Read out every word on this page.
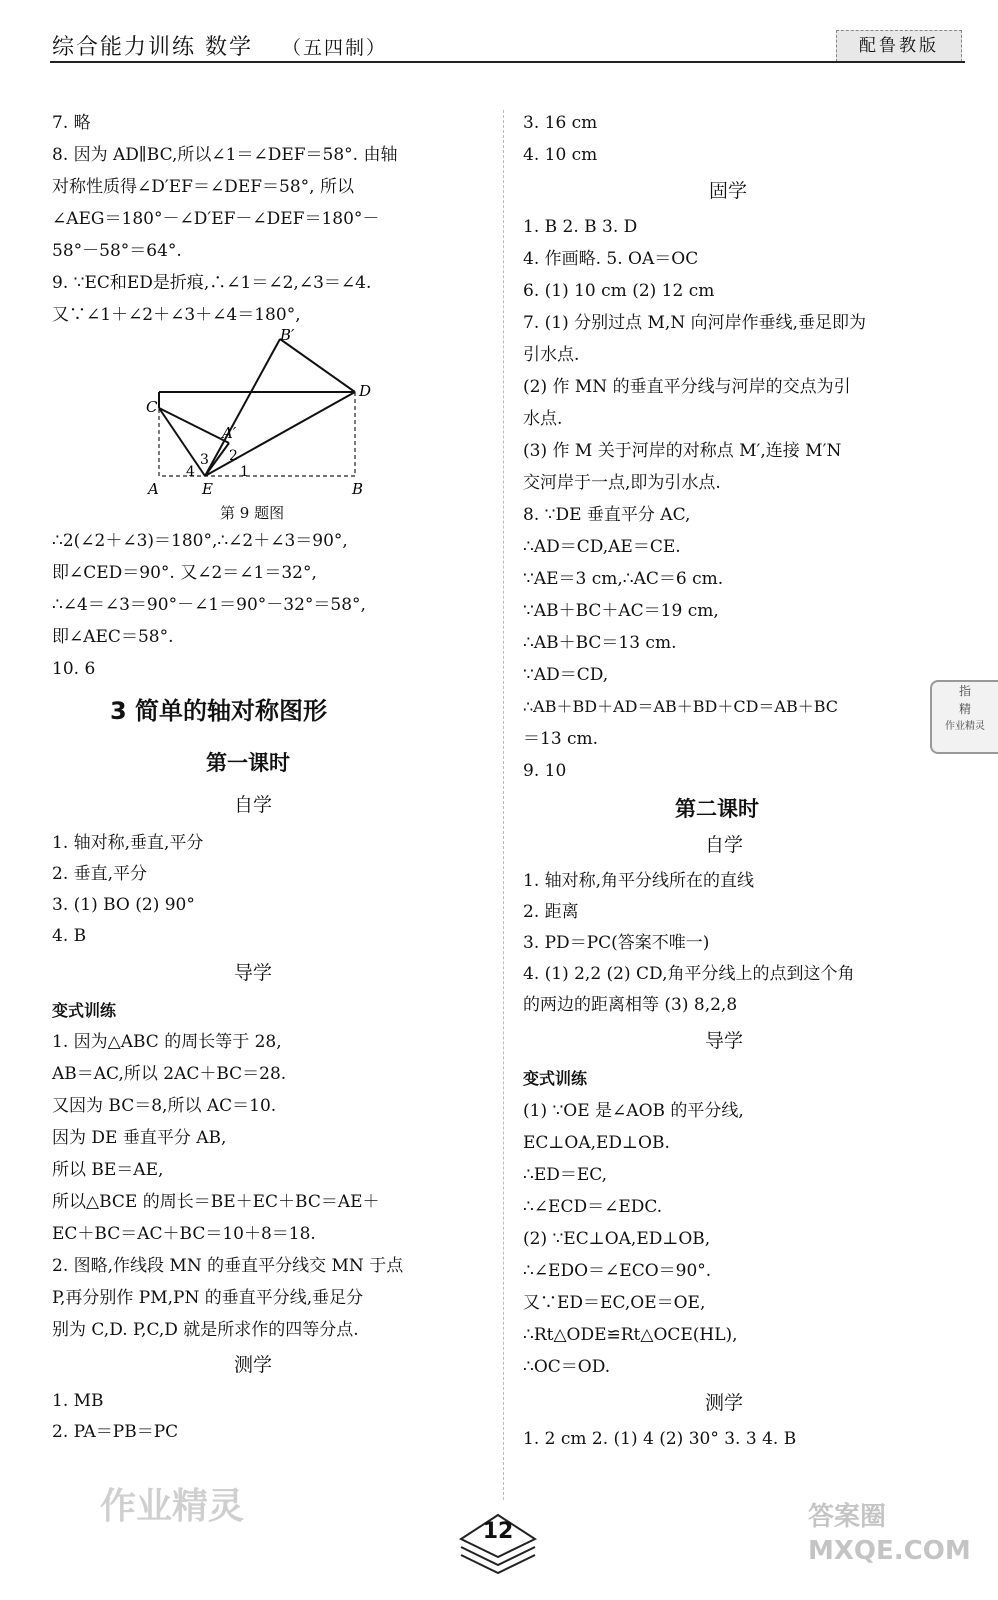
综合能力训练 数学 （五四制）	配鲁教版
7. 略
8. 因为 AD∥BC,所以∠1＝∠DEF＝58°. 由轴
对称性质得∠D′EF＝∠DEF＝58°, 所以
∠AEG＝180°－∠D′EF－∠DEF＝180°－
58°－58°＝64°.
9. ∵EC和ED是折痕,∴∠1＝∠2,∠3＝∠4.
又∵∠1＋∠2＋∠3＋∠4＝180°,
B′
C
D
A′
3 2
4	1
A	E	B
第 9 题图
∴2(∠2＋∠3)＝180°,∴∠2＋∠3＝90°,
即∠CED＝90°. 又∠2＝∠1＝32°,
∴∠4＝∠3＝90°－∠1＝90°－32°＝58°,
即∠AEC＝58°.
10. 6
3 简单的轴对称图形
第一课时
自学
1. 轴对称,垂直,平分
2. 垂直,平分
3. (1) BO (2) 90°
4. B
导学
变式训练
1. 因为△ABC 的周长等于 28,
AB＝AC,所以 2AC＋BC＝28.
又因为 BC＝8,所以 AC＝10.
因为 DE 垂直平分 AB,
所以 BE＝AE,
所以△BCE 的周长＝BE＋EC＋BC＝AE＋
EC＋BC＝AC＋BC＝10＋8＝18.
2. 图略,作线段 MN 的垂直平分线交 MN 于点
P,再分别作 PM,PN 的垂直平分线,垂足分
别为 C,D. P,C,D 就是所求作的四等分点.
测学
1. MB
2. PA＝PB＝PC
3. 16 cm
4. 10 cm
固学
1. B 2. B 3. D
4. 作画略. 5. OA＝OC
6. (1) 10 cm (2) 12 cm
7. (1) 分别过点 M,N 向河岸作垂线,垂足即为
引水点.
(2) 作 MN 的垂直平分线与河岸的交点为引
水点.
(3) 作 M 关于河岸的对称点 M′,连接 M′N
交河岸于一点,即为引水点.
8. ∵DE 垂直平分 AC,
∴AD＝CD,AE＝CE.
∵AE＝3 cm,∴AC＝6 cm.
∵AB＋BC＋AC＝19 cm,
∴AB＋BC＝13 cm.
∵AD＝CD,
∴AB＋BD＋AD＝AB＋BD＋CD＝AB＋BC
＝13 cm.
9. 10
第二课时
自学
1. 轴对称,角平分线所在的直线
2. 距离
3. PD＝PC(答案不唯一)
4. (1) 2,2 (2) CD,角平分线上的点到这个角
的两边的距离相等 (3) 8,2,8
导学
变式训练
(1) ∵OE 是∠AOB 的平分线,
EC⊥OA,ED⊥OB.
∴ED＝EC,
∴∠ECD＝∠EDC.
(2) ∵EC⊥OA,ED⊥OB,
∴∠EDO＝∠ECO＝90°.
又∵ED＝EC,OE＝OE,
∴Rt△ODE≌Rt△OCE(HL),
∴OC＝OD.
测学
1. 2 cm 2. (1) 4 (2) 30° 3. 3 4. B
指
精
作业精灵
12
作业精灵	答案圈 MXQE.COM
